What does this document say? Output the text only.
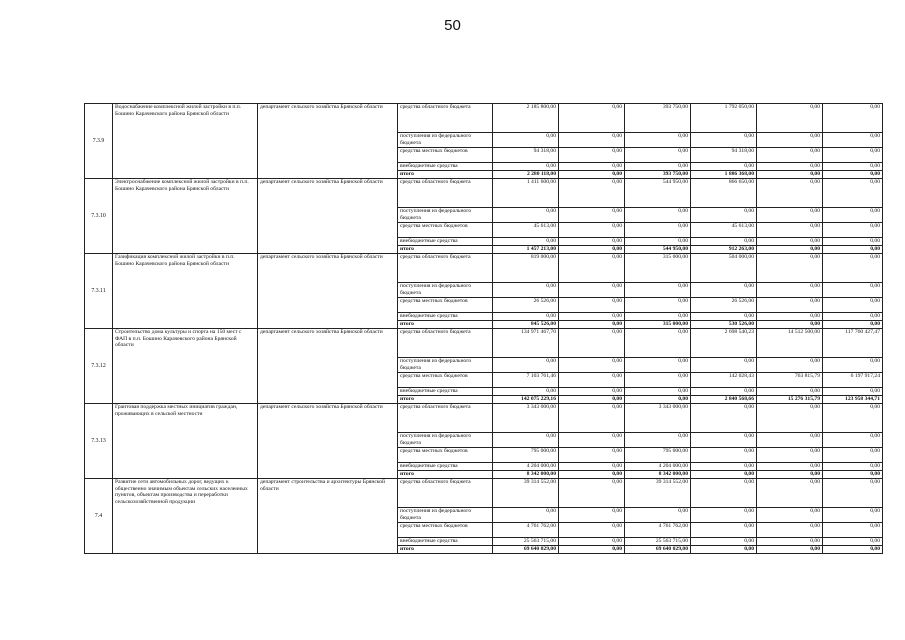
50
7.3.9	Водоснабжение комплексной жилой застройки в п.п. Бошино Карачевского района Брянской области	департамент сельского хозяйства Брянской области	средства областного бюджета	2 185 800,00	0,00	393 750,00	1 792 050,00	0,00	0,00
			поступления из федерального бюджета	0,00	0,00	0,00	0,00	0,00	0,00
			средства местных бюджетов	94 318,00	0,00	0,00	94 318,00	0,00	0,00
			внебюджетные средства	0,00	0,00	0,00	0,00	0,00	0,00
			итого	2 280 118,00	0,00	393 750,00	1 886 368,00	0,00	0,00
7.3.10	Электроснабжение комплексной жилой застройки в п.п. Бошино Карачевского района Брянской области	департамент сельского хозяйства Брянской области	средства областного бюджета	1 411 600,00	0,00	544 950,00	866 650,00	0,00	0,00
			поступления из федерального бюджета	0,00	0,00	0,00	0,00	0,00	0,00
			средства местных бюджетов	45 613,00	0,00	0,00	45 613,00	0,00	0,00
			внебюджетные средства	0,00	0,00	0,00	0,00	0,00	0,00
			итого	1 457 213,00	0,00	544 950,00	912 263,00	0,00	0,00
7.3.11	Газификация комплексной жилой застройки в п.п. Бошино Карачевского района Брянской области	департамент сельского хозяйства Брянской области	средства областного бюджета	819 000,00	0,00	315 000,00	504 000,00	0,00	0,00
			поступления из федерального бюджета	0,00	0,00	0,00	0,00	0,00	0,00
			средства местных бюджетов	26 526,00	0,00	0,00	26 526,00	0,00	0,00
			внебюджетные средства	0,00	0,00	0,00	0,00	0,00	0,00
			итого	845 526,00	0,00	315 000,00	530 526,00	0,00	0,00
7.3.12	Строительство дома культуры и спорта на 150 мест с ФАП в п.п. Бошино Карачевского района Брянской области	департамент сельского хозяйства Брянской области	средства областного бюджета	134 971 467,70	0,00	0,00	2 698 540,23	14 512 500,00	117 760 427,47
			поступления из федерального бюджета	0,00	0,00	0,00	0,00	0,00	0,00
			средства местных бюджетов	7 103 761,46	0,00	0,00	142 028,43	763 815,79	6 197 917,24
			внебюджетные средства	0,00	0,00	0,00	0,00	0,00	0,00
			итого	142 075 229,16	0,00	0,00	2 840 568,66	15 276 315,79	123 958 344,71
7.3.13	Грантовая поддержка местных инициатив граждан, проживающих в сельской местности	департамент сельского хозяйства Брянской области	средства областного бюджета	3 343 000,00	0,00	3 343 000,00	0,00	0,00	0,00
			поступления из федерального бюджета	0,00	0,00	0,00	0,00	0,00	0,00
			средства местных бюджетов	795 000,00	0,00	795 000,00	0,00	0,00	0,00
			внебюджетные средства	4 204 000,00	0,00	4 204 000,00	0,00	0,00	0,00
			итого	8 342 000,00	0,00	8 342 000,00	0,00	0,00	0,00
7.4	Развитие сети автомобильных дорог, ведущих к общественно значимым объектам сельских населенных пунктов, объектам производства и переработки сельскохозяйственной продукции	департамент строительства и архитектуры Брянской области	средства областного бюджета	39 314 552,00	0,00	39 314 552,00	0,00	0,00	0,00
			поступления из федерального бюджета	0,00	0,00	0,00	0,00	0,00	0,00
			средства местных бюджетов	4 761 762,00	0,00	4 761 762,00	0,00	0,00	0,00
			внебюджетные средства	25 563 715,00	0,00	25 563 715,00	0,00	0,00	0,00
			итого	69 640 029,00	0,00	69 640 029,00	0,00	0,00	0,00
